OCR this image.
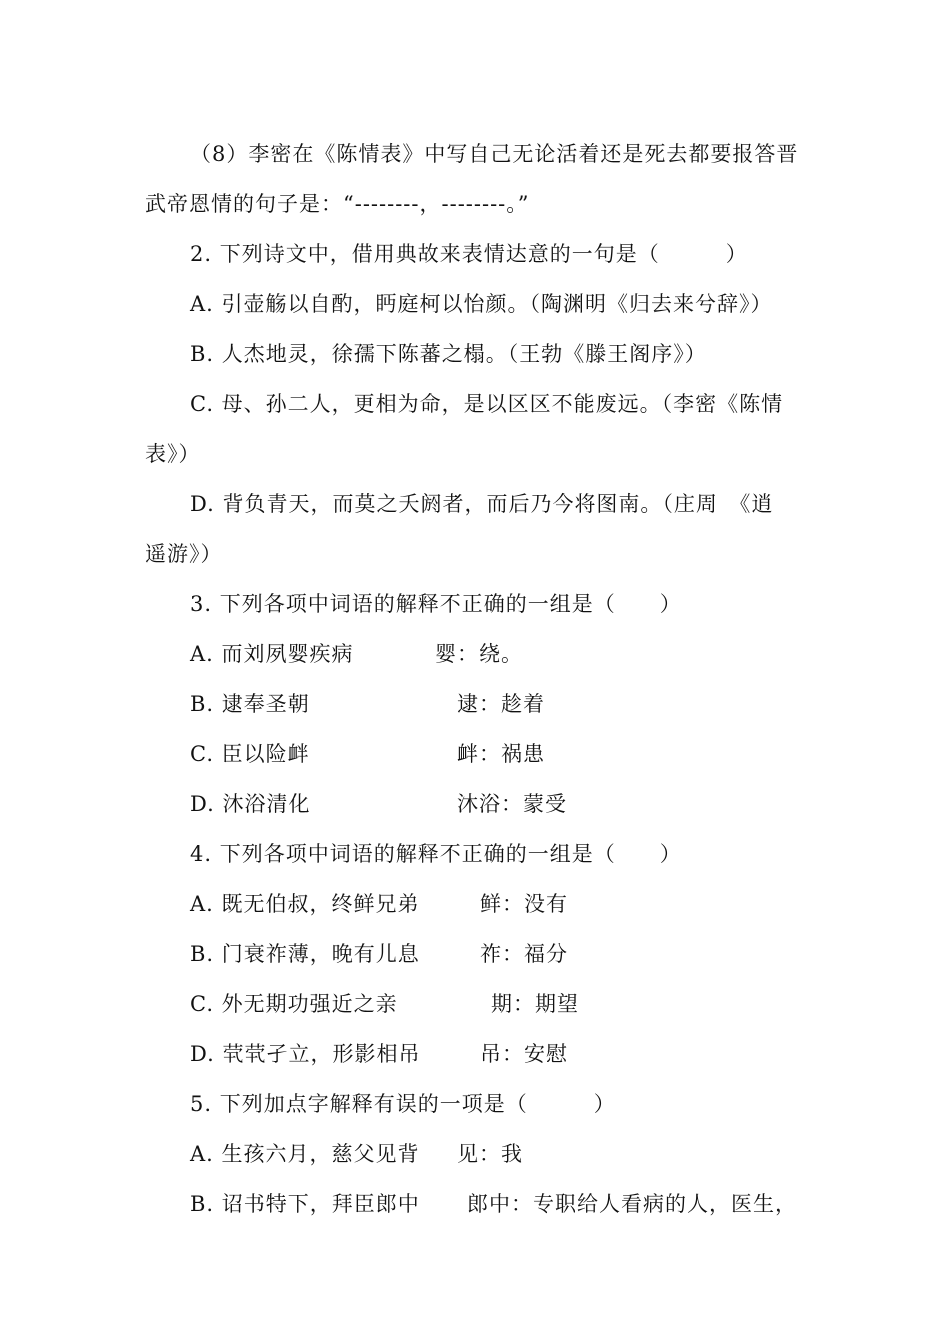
（8）李密在《陈情表》中写自己无论活着还是死去都要报答晋
武帝恩情的句子是：“--------，--------。”
2. 下列诗文中，借用典故来表情达意的一句是（　　　）
A. 引壶觞以自酌，眄庭柯以怡颜。（陶渊明《归去来兮辞》）
B. 人杰地灵，徐孺下陈蕃之榻。（王勃《滕王阁序》）
C. 母、孙二人，更相为命，是以区区不能废远。（李密《陈情
表》）
D. 背负青天，而莫之夭阏者，而后乃今将图南。（庄周　《逍
遥游》）
3. 下列各项中词语的解释不正确的一组是（　　）
A. 而刘夙婴疾病	婴：绕。
B. 逮奉圣朝	逮：趁着
C. 臣以险衅	衅：祸患
D. 沐浴清化	沐浴：蒙受
4. 下列各项中词语的解释不正确的一组是（　　）
A. 既无伯叔，终鲜兄弟	鲜：没有
B. 门衰祚薄，晚有儿息	祚：福分
C. 外无期功强近之亲	期：期望
D. 茕茕孑立，形影相吊	吊：安慰
5. 下列加点字解释有误的一项是（　　　）
A. 生孩六月，慈父见背 见：我
B. 诏书特下，拜臣郎中 郎中：专职给人看病的人，医生，
